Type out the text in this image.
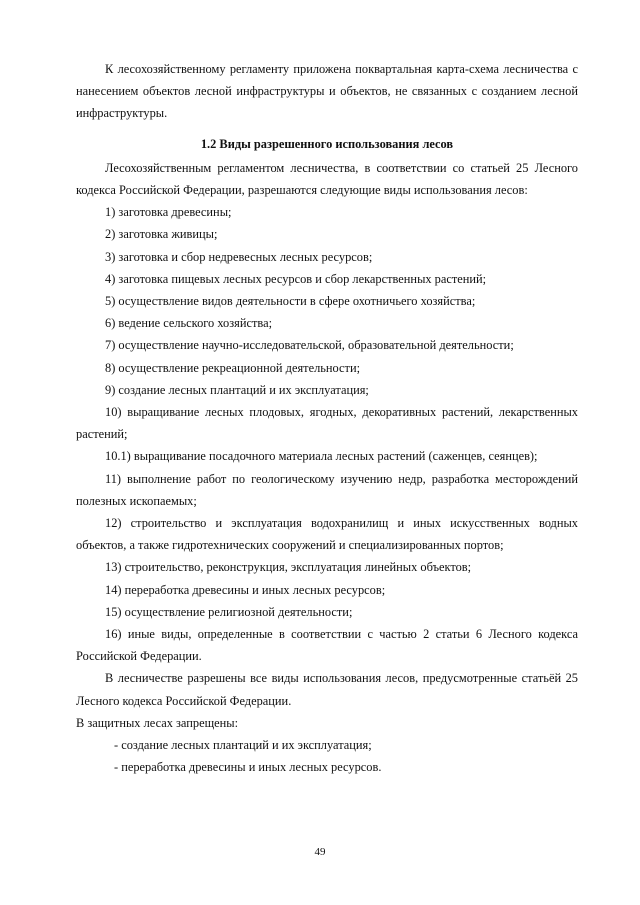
К лесохозяйственному регламенту приложена поквартальная карта-схема лесничества с нанесением объектов лесной инфраструктуры и объектов, не связанных с созданием лесной инфраструктуры.

1.2 Виды разрешенного использования лесов

Лесохозяйственным регламентом лесничества, в соответствии со статьей 25 Лесного кодекса Российской Федерации, разрешаются следующие виды использования лесов:

1) заготовка древесины;

2) заготовка живицы;

3) заготовка и сбор недревесных лесных ресурсов;

4) заготовка пищевых лесных ресурсов и сбор лекарственных растений;

5) осуществление видов деятельности в сфере охотничьего хозяйства;

6) ведение сельского хозяйства;

7) осуществление научно-исследовательской, образовательной деятельности;

8) осуществление рекреационной деятельности;

9) создание лесных плантаций и их эксплуатация;

10) выращивание лесных плодовых, ягодных, декоративных растений, лекарственных растений;

10.1) выращивание посадочного материала лесных растений (саженцев, сеянцев);

11) выполнение работ по геологическому изучению недр, разработка месторождений полезных ископаемых;

12) строительство и эксплуатация водохранилищ и иных искусственных водных объектов, а также гидротехнических сооружений и специализированных портов;

13) строительство, реконструкция, эксплуатация линейных объектов;

14) переработка древесины и иных лесных ресурсов;

15) осуществление религиозной деятельности;

16) иные виды, определенные в соответствии с частью 2 статьи 6 Лесного кодекса Российской Федерации.

В лесничестве разрешены все виды использования лесов, предусмотренные статьёй 25 Лесного кодекса Российской Федерации.

В защитных лесах запрещены:

- создание лесных плантаций и их эксплуатация;

- переработка древесины и иных лесных ресурсов.

49
